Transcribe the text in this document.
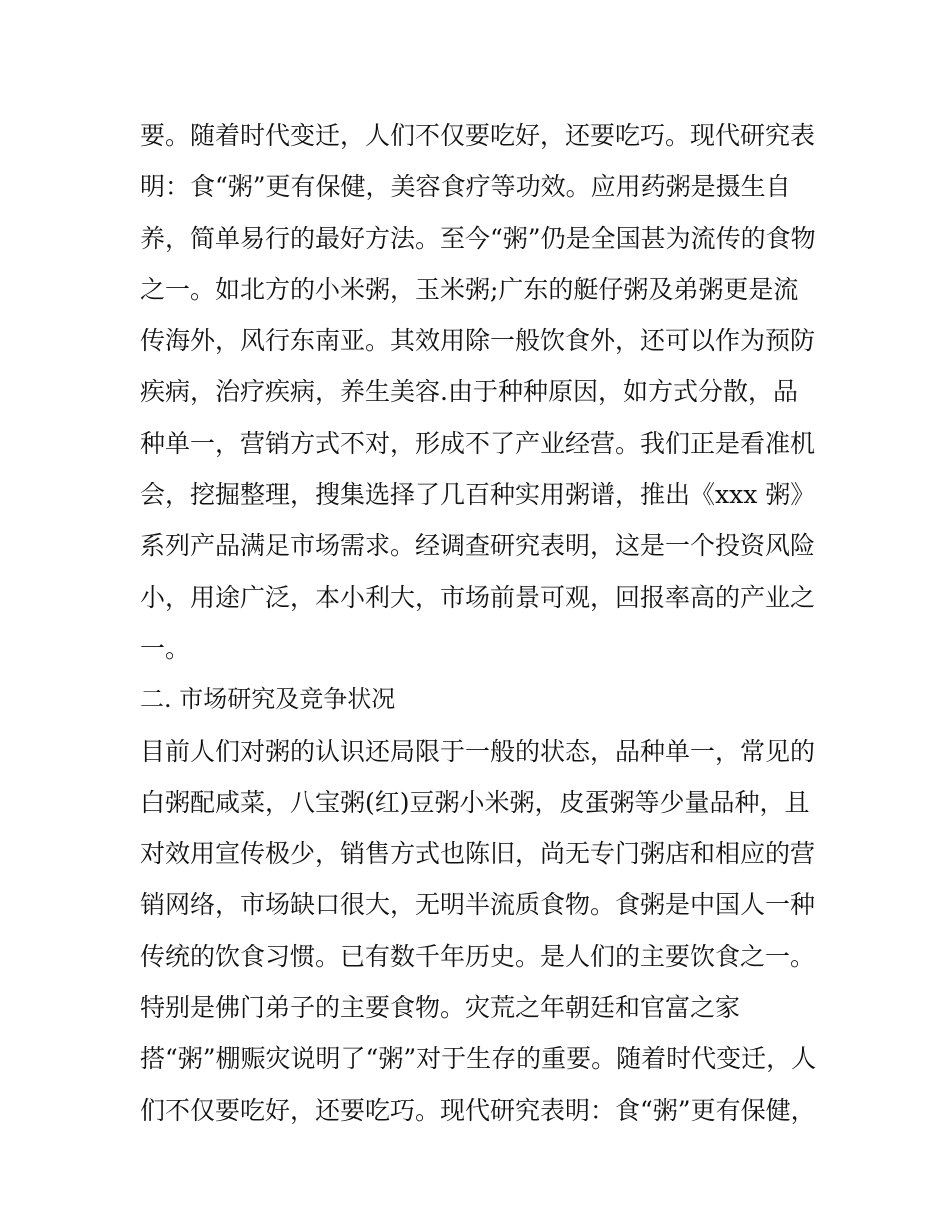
要。随着时代变迁，人们不仅要吃好，还要吃巧。现代研究表
明：食“粥”更有保健，美容食疗等功效。应用药粥是摄生自
养，简单易行的最好方法。至今“粥”仍是全国甚为流传的食物
之一。如北方的小米粥，玉米粥;广东的艇仔粥及弟粥更是流
传海外，风行东南亚。其效用除一般饮食外，还可以作为预防
疾病，治疗疾病，养生美容.由于种种原因，如方式分散，品
种单一，营销方式不对，形成不了产业经营。我们正是看准机
会，挖掘整理，搜集选择了几百种实用粥谱，推出《xxx 粥》
系列产品满足市场需求。经调查研究表明，这是一个投资风险
小，用途广泛，本小利大，市场前景可观，回报率高的产业之
一。
二. 市场研究及竞争状况
目前人们对粥的认识还局限于一般的状态，品种单一，常见的
白粥配咸菜，八宝粥(红)豆粥小米粥，皮蛋粥等少量品种，且
对效用宣传极少，销售方式也陈旧，尚无专门粥店和相应的营
销网络，市场缺口很大，无明半流质食物。食粥是中国人一种
传统的饮食习惯。已有数千年历史。是人们的主要饮食之一。
特别是佛门弟子的主要食物。灾荒之年朝廷和官富之家
搭“粥”棚赈灾说明了“粥”对于生存的重要。随着时代变迁，人
们不仅要吃好，还要吃巧。现代研究表明：食“粥”更有保健，
